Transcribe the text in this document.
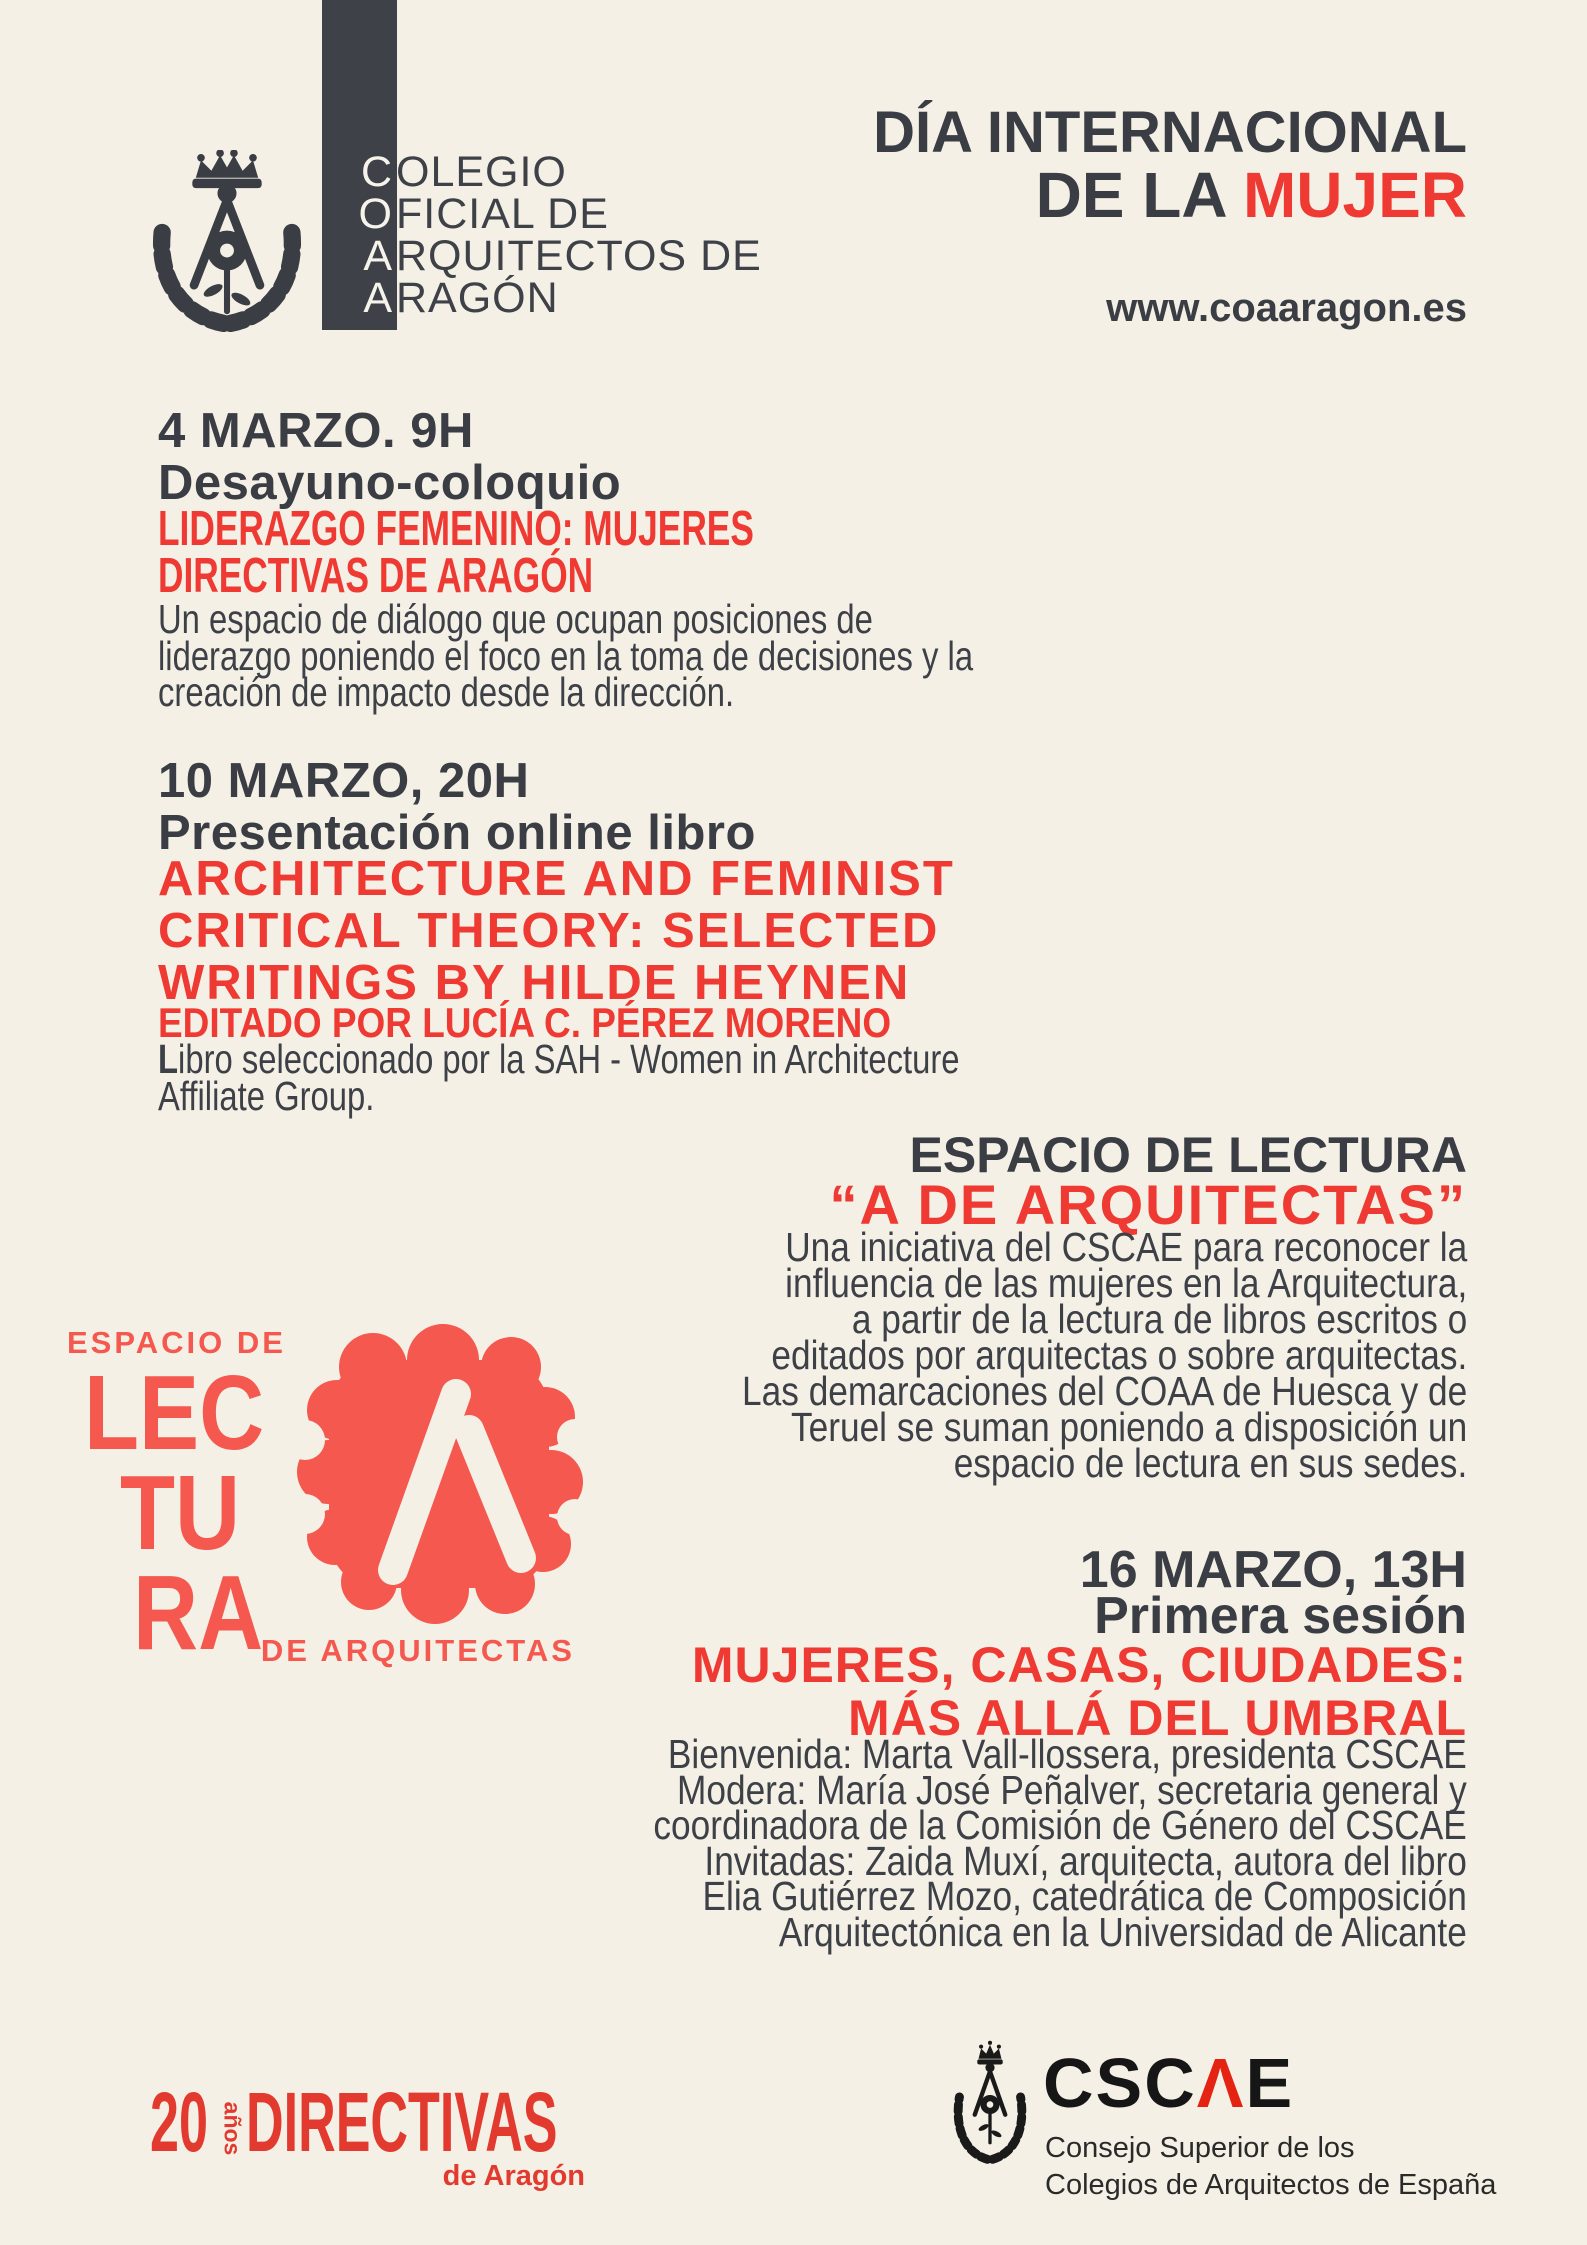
COLEGIO
OFICIAL DE
ARQUITECTOS DE
ARAGÓN
DÍA INTERNACIONAL
DE LA MUJER
www.coaaragon.es
4 MARZO. 9H
Desayuno-coloquio
LIDERAZGO FEMENINO: MUJERES
DIRECTIVAS DE ARAGÓN
Un espacio de diálogo que ocupan posiciones de
liderazgo poniendo el foco en la toma de decisiones y la
creación de impacto desde la dirección.
10 MARZO, 20H
Presentación online libro
ARCHITECTURE AND FEMINIST
CRITICAL THEORY: SELECTED
WRITINGS BY HILDE HEYNEN
EDITADO POR LUCÍA C. PÉREZ MORENO
Libro seleccionado por la SAH - Women in Architecture
Affiliate Group.
ESPACIO DE LECTURA
“A DE ARQUITECTAS”
Una iniciativa del CSCAE para reconocer la
influencia de las mujeres en la Arquitectura,
a partir de la lectura de libros escritos o
editados por arquitectas o sobre arquitectas.
Las demarcaciones del COAA de Huesca y de
Teruel se suman poniendo a disposición un
espacio de lectura en sus sedes.
ESPACIO DE
LEC
TU
RA
DE ARQUITECTAS
16 MARZO, 13H
Primera sesión
MUJERES, CASAS, CIUDADES:
MÁS ALLÁ DEL UMBRAL
Bienvenida: Marta Vall-llossera, presidenta CSCAE
Modera: María José Peñalver, secretaria general y
coordinadora de la Comisión de Género del CSCAE
Invitadas: Zaida Muxí, arquitecta, autora del libro
Elia Gutiérrez Mozo, catedrática de Composición
Arquitectónica en la Universidad de Alicante
20 años DIRECTIVAS
de Aragón
CSCΛE
Consejo Superior de los
Colegios de Arquitectos de España
